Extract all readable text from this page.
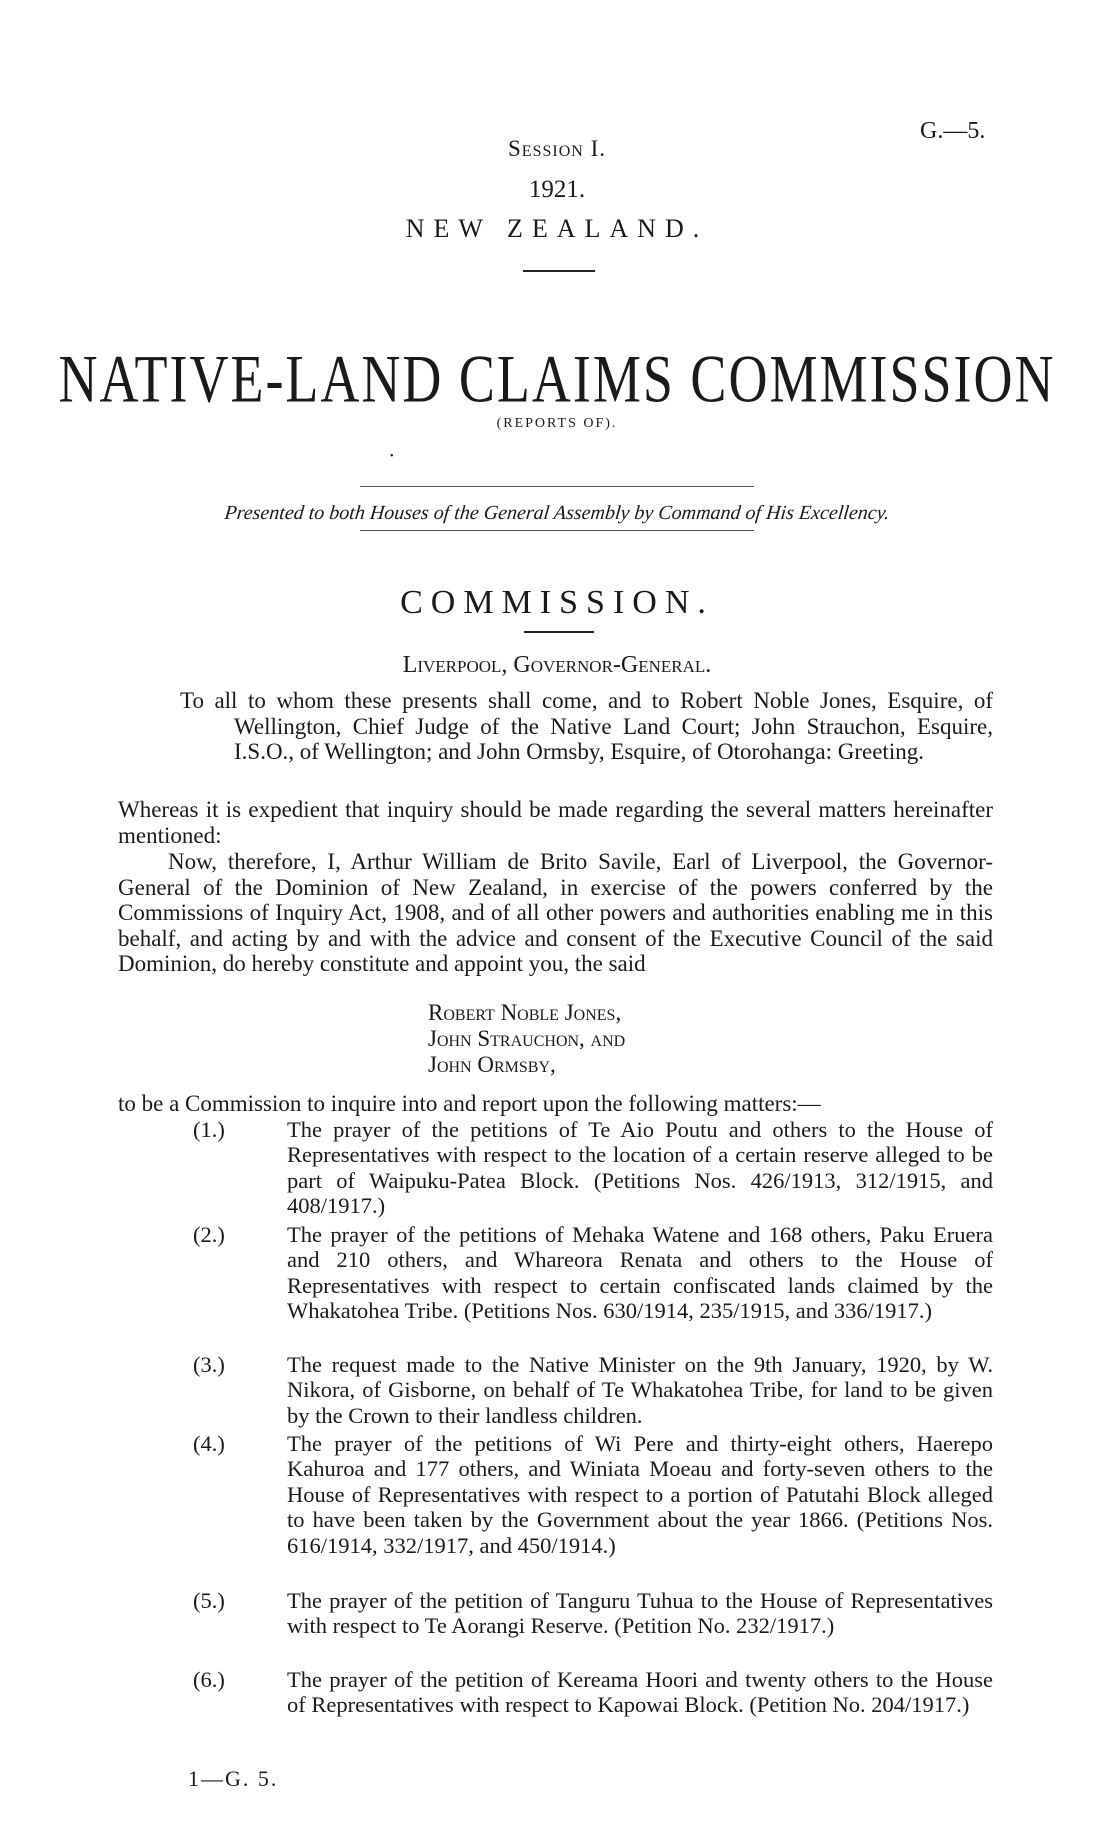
G.—5.
Session I.
1921.
NEW ZEALAND.
NATIVE-LAND CLAIMS COMMISSION
(REPORTS OF).
•
Presented to both Houses of the General Assembly by Command of His Excellency.
COMMISSION.
Liverpool, Governor-General.
To all to whom these presents shall come, and to Robert Noble Jones, Esquire, of Wellington, Chief Judge of the Native Land Court; John Strauchon, Esquire, I.S.O., of Wellington; and John Ormsby, Esquire, of Otorohanga: Greeting.
Whereas it is expedient that inquiry should be made regarding the several matters hereinafter mentioned:
Now, therefore, I, Arthur William de Brito Savile, Earl of Liverpool, the Governor-General of the Dominion of New Zealand, in exercise of the powers conferred by the Commissions of Inquiry Act, 1908, and of all other powers and authorities enabling me in this behalf, and acting by and with the advice and consent of the Executive Council of the said Dominion, do hereby constitute and appoint you, the said
Robert Noble Jones,
John Strauchon, and
John Ormsby,
to be a Commission to inquire into and report upon the following matters:—
(1.)	The prayer of the petitions of Te Aio Poutu and others to the House of Representatives with respect to the location of a certain reserve alleged to be part of Waipuku-Patea Block. (Petitions Nos. 426/1913, 312/1915, and 408/1917.)
(2.)	The prayer of the petitions of Mehaka Watene and 168 others, Paku Eruera and 210 others, and Whareora Renata and others to the House of Representatives with respect to certain confiscated lands claimed by the Whakatohea Tribe. (Petitions Nos. 630/1914, 235/1915, and 336/1917.)
(3.)	The request made to the Native Minister on the 9th January, 1920, by W. Nikora, of Gisborne, on behalf of Te Whakatohea Tribe, for land to be given by the Crown to their landless children.
(4.)	The prayer of the petitions of Wi Pere and thirty-eight others, Haerepo Kahuroa and 177 others, and Winiata Moeau and forty-seven others to the House of Representatives with respect to a portion of Patutahi Block alleged to have been taken by the Government about the year 1866. (Petitions Nos. 616/1914, 332/1917, and 450/1914.)
(5.)	The prayer of the petition of Tanguru Tuhua to the House of Representatives with respect to Te Aorangi Reserve. (Petition No. 232/1917.)
(6.)	The prayer of the petition of Kereama Hoori and twenty others to the House of Representatives with respect to Kapowai Block. (Petition No. 204/1917.)
1—G. 5.
